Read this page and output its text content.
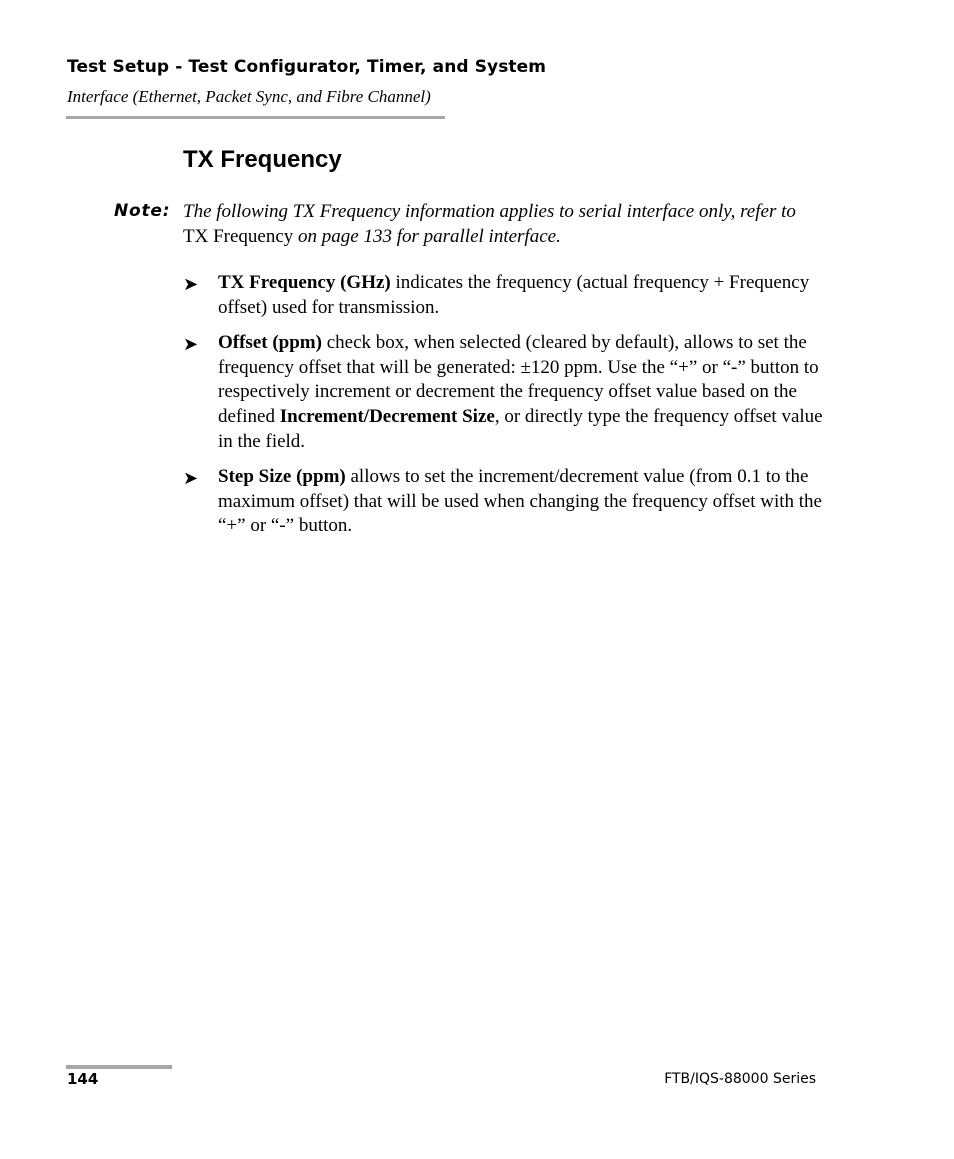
Test Setup - Test Configurator, Timer, and System
Interface (Ethernet, Packet Sync, and Fibre Channel)
TX Frequency
Note: The following TX Frequency information applies to serial interface only, refer to TX Frequency on page 133 for parallel interface.
➤ TX Frequency (GHz) indicates the frequency (actual frequency + Frequency offset) used for transmission.
➤ Offset (ppm) check box, when selected (cleared by default), allows to set the frequency offset that will be generated: ±120 ppm. Use the “+” or “-” button to respectively increment or decrement the frequency offset value based on the defined Increment/Decrement Size, or directly type the frequency offset value in the field.
➤ Step Size (ppm) allows to set the increment/decrement value (from 0.1 to the maximum offset) that will be used when changing the frequency offset with the “+” or “-” button.
144	FTB/IQS-88000 Series
